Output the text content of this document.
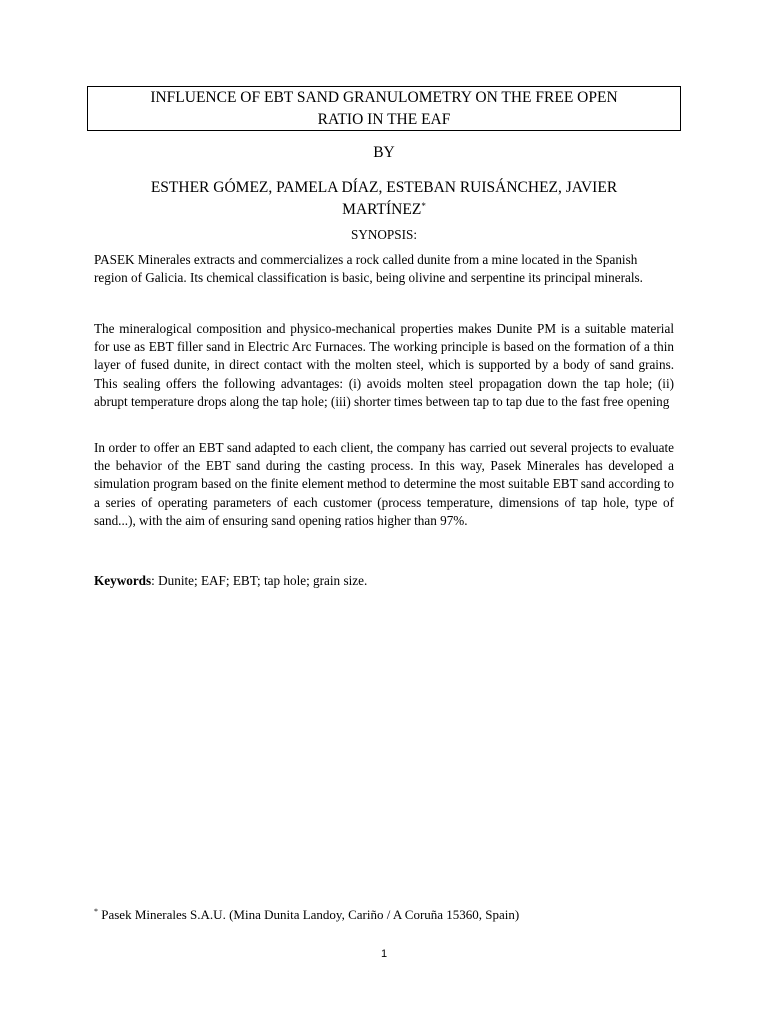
INFLUENCE OF EBT SAND GRANULOMETRY ON THE FREE OPEN
RATIO IN THE EAF
BY
ESTHER GÓMEZ, PAMELA DÍAZ, ESTEBAN RUISÁNCHEZ, JAVIER
MARTÍNEZ*
SYNOPSIS:

PASEK Minerales extracts and commercializes a rock called dunite from a mine located in the Spanish region of Galicia. Its chemical classification is basic, being olivine and serpentine its principal minerals.

The mineralogical composition and physico-mechanical properties makes Dunite PM is a suitable material for use as EBT filler sand in Electric Arc Furnaces. The working principle is based on the formation of a thin layer of fused dunite, in direct contact with the molten steel, which is supported by a body of sand grains. This sealing offers the following advantages: (i) avoids molten steel propagation down the tap hole; (ii) abrupt temperature drops along the tap hole; (iii) shorter times between tap to tap due to the fast free opening

In order to offer an EBT sand adapted to each client, the company has carried out several projects to evaluate the behavior of the EBT sand during the casting process. In this way, Pasek Minerales has developed a simulation program based on the finite element method to determine the most suitable EBT sand according to a series of operating parameters of each customer (process temperature, dimensions of tap hole, type of sand...), with the aim of ensuring sand opening ratios higher than 97%.

Keywords: Dunite; EAF; EBT; tap hole; grain size.
* Pasek Minerales S.A.U. (Mina Dunita Landoy, Cariño / A Coruña 15360, Spain)
1
